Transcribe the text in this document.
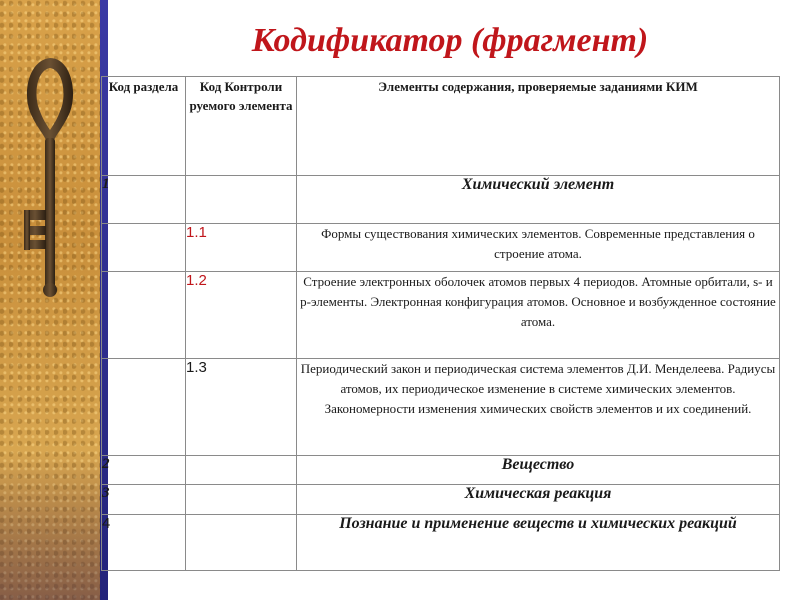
Кодификатор (фрагмент)
Код раздела	Код Контроли руемого элемента	Элементы содержания, проверяемые заданиями КИМ
1		Химический элемент
	1.1	Формы существования химических элементов. Современные представления о строение атома.
	1.2	Строение электронных оболочек атомов первых 4 периодов. Атомные орбитали, s- и p-элементы. Электронная конфигурация атомов. Основное и возбужденное состояние атома.
	1.3	Периодический закон и периодическая система элементов Д.И. Менделеева. Радиусы атомов, их периодическое изменение в системе химических элементов. Закономерности изменения химических свойств элементов и их соединений.
2		Вещество
3		Химическая реакция
4		Познание и применение веществ и химических реакций
